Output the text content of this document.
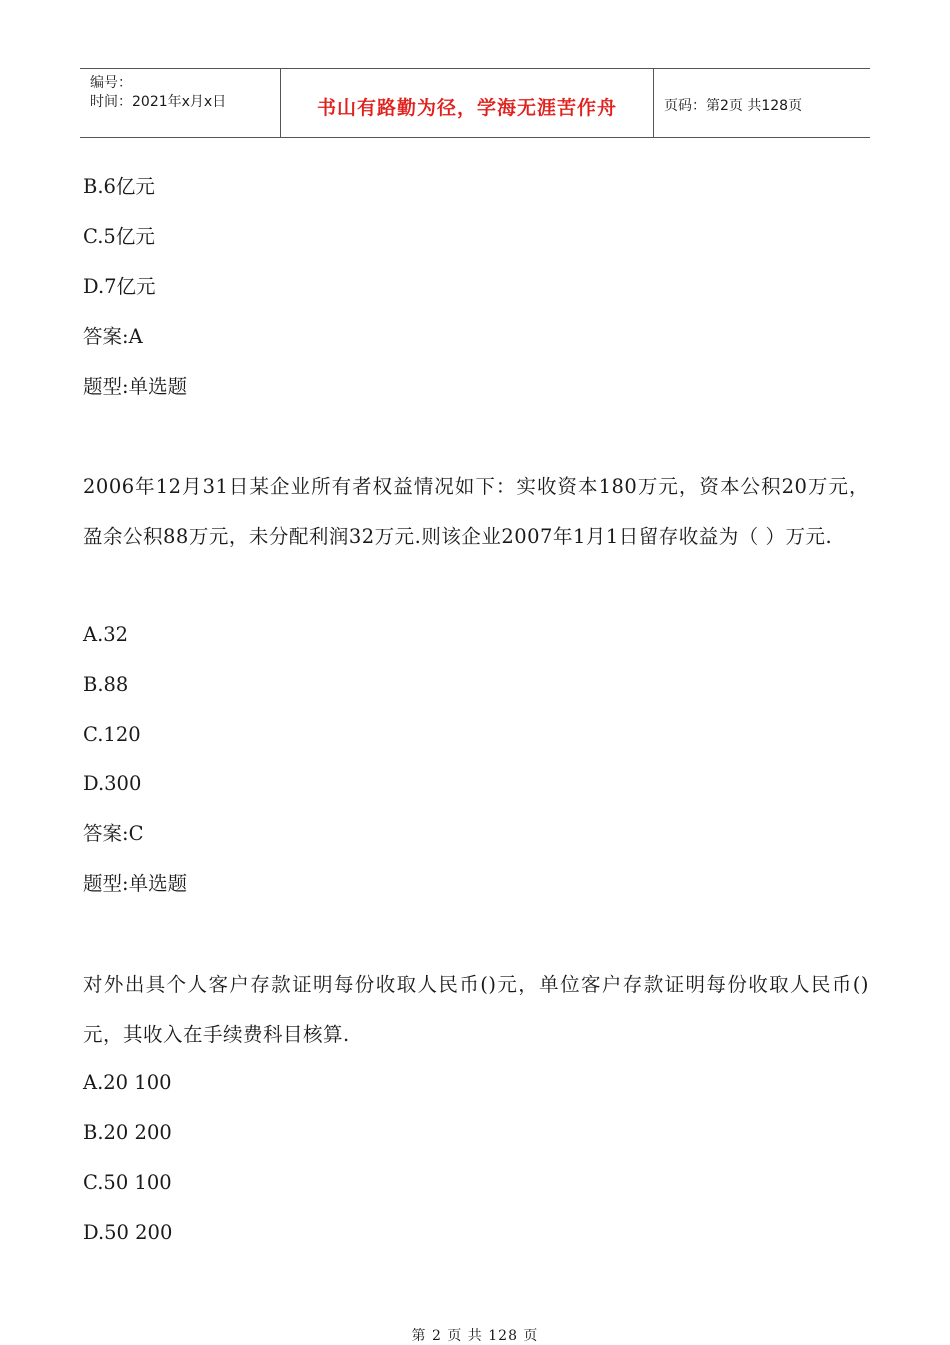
编号：
时间：2021年x月x日	书山有路勤为径，学海无涯苦作舟	页码：第2页 共128页
B.6亿元
C.5亿元
D.7亿元
答案:A
题型:单选题
2006年12月31日某企业所有者权益情况如下：实收资本180万元，资本公积20万元，盈余公积88万元，未分配利润32万元.则该企业2007年1月1日留存收益为（ ）万元.
A.32
B.88
C.120
D.300
答案:C
题型:单选题
对外出具个人客户存款证明每份收取人民币()元，单位客户存款证明每份收取人民币()元，其收入在手续费科目核算.
A.20 100
B.20 200
C.50 100
D.50 200
第 2 页 共 128 页
